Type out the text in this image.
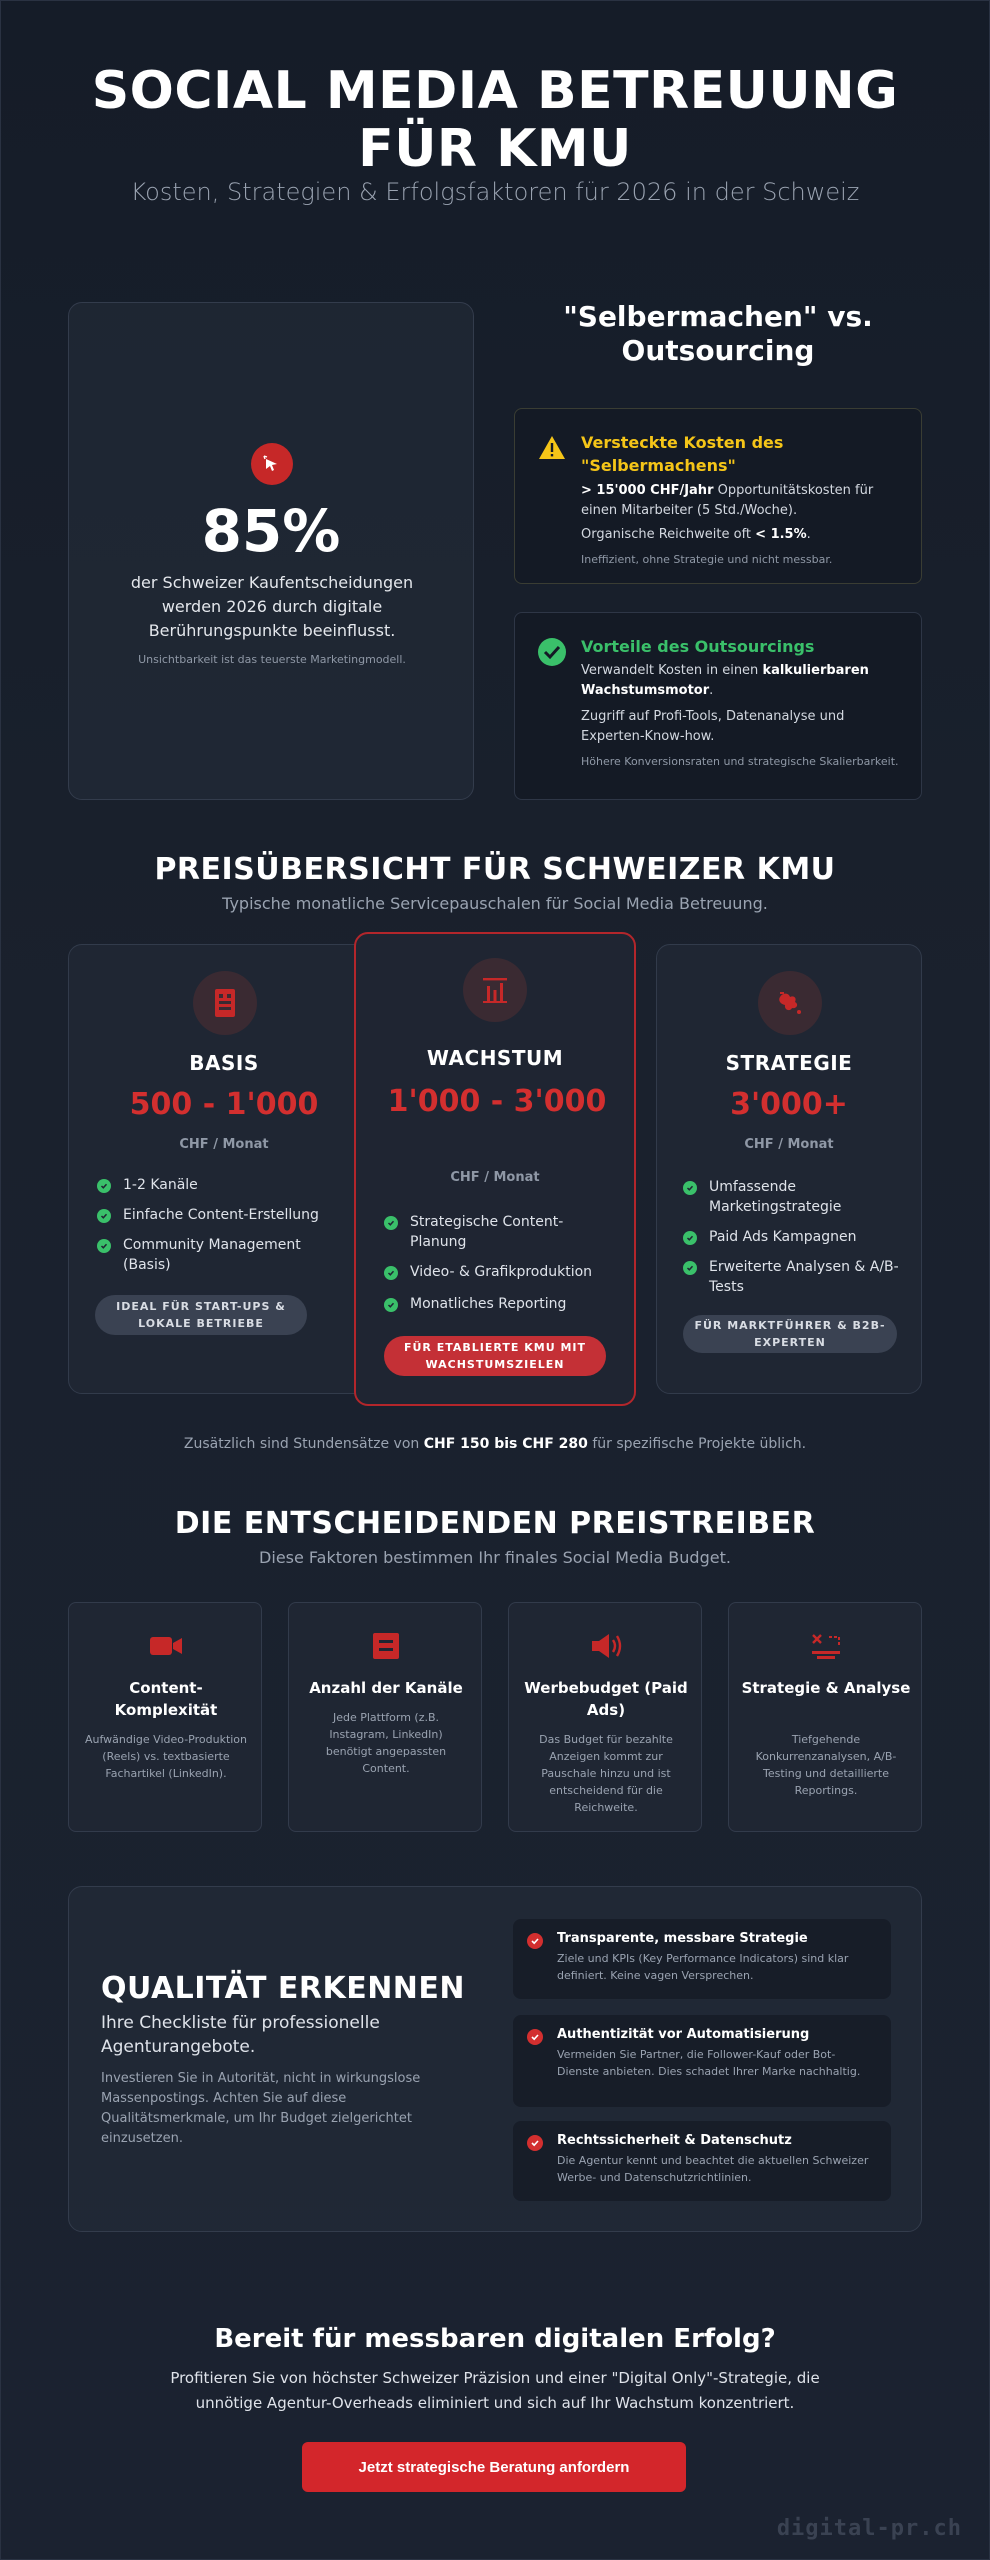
SOCIAL MEDIA BETREUUNG FÜR KMU
Kosten, Strategien & Erfolgsfaktoren für 2026 in der Schweiz
85%
der Schweizer Kaufentscheidungen werden 2026 durch digitale Berührungspunkte beeinflusst.
Unsichtbarkeit ist das teuerste Marketingmodell.
"Selbermachen" vs. Outsourcing
Versteckte Kosten des "Selbermachens"
> 15'000 CHF/Jahr Opportunitätskosten für einen Mitarbeiter (5 Std./Woche).
Organische Reichweite oft < 1.5%.
Ineffizient, ohne Strategie und nicht messbar.
Vorteile des Outsourcings
Verwandelt Kosten in einen kalkulierbaren Wachstumsmotor.
Zugriff auf Profi-Tools, Datenanalyse und Experten-Know-how.
Höhere Konversionsraten und strategische Skalierbarkeit.
PREISÜBERSICHT FÜR SCHWEIZER KMU
Typische monatliche Servicepauschalen für Social Media Betreuung.
BASIS
500 - 1'000
CHF / Monat
1-2 Kanäle
Einfache Content-Erstellung
Community Management (Basis)
IDEAL FÜR START-UPS & LOKALE BETRIEBE
WACHSTUM
1'000 - 3'000
CHF / Monat
Strategische Content-Planung
Video- & Grafikproduktion
Monatliches Reporting
FÜR ETABLIERTE KMU MIT WACHSTUMSZIELEN
STRATEGIE
3'000+
CHF / Monat
Umfassende Marketingstrategie
Paid Ads Kampagnen
Erweiterte Analysen & A/B-Tests
FÜR MARKTFÜHRER & B2B-EXPERTEN
Zusätzlich sind Stundensätze von CHF 150 bis CHF 280 für spezifische Projekte üblich.
DIE ENTSCHEIDENDEN PREISTREIBER
Diese Faktoren bestimmen Ihr finales Social Media Budget.
Content-Komplexität
Aufwändige Video-Produktion (Reels) vs. textbasierte Fachartikel (LinkedIn).
Anzahl der Kanäle
Jede Plattform (z.B. Instagram, LinkedIn) benötigt angepassten Content.
Werbebudget (Paid Ads)
Das Budget für bezahlte Anzeigen kommt zur Pauschale hinzu und ist entscheidend für die Reichweite.
Strategie & Analyse
Tiefgehende Konkurrenzanalysen, A/B-Testing und detaillierte Reportings.
QUALITÄT ERKENNEN
Ihre Checkliste für professionelle Agenturangebote.
Investieren Sie in Autorität, nicht in wirkungslose Massenpostings. Achten Sie auf diese Qualitätsmerkmale, um Ihr Budget zielgerichtet einzusetzen.
Transparente, messbare Strategie
Ziele und KPIs (Key Performance Indicators) sind klar definiert. Keine vagen Versprechen.
Authentizität vor Automatisierung
Vermeiden Sie Partner, die Follower-Kauf oder Bot-Dienste anbieten. Dies schadet Ihrer Marke nachhaltig.
Rechtssicherheit & Datenschutz
Die Agentur kennt und beachtet die aktuellen Schweizer Werbe- und Datenschutzrichtlinien.
Bereit für messbaren digitalen Erfolg?
Profitieren Sie von höchster Schweizer Präzision und einer "Digital Only"-Strategie, die unnötige Agentur-Overheads eliminiert und sich auf Ihr Wachstum konzentriert.
Jetzt strategische Beratung anfordern
digital-pr.ch
